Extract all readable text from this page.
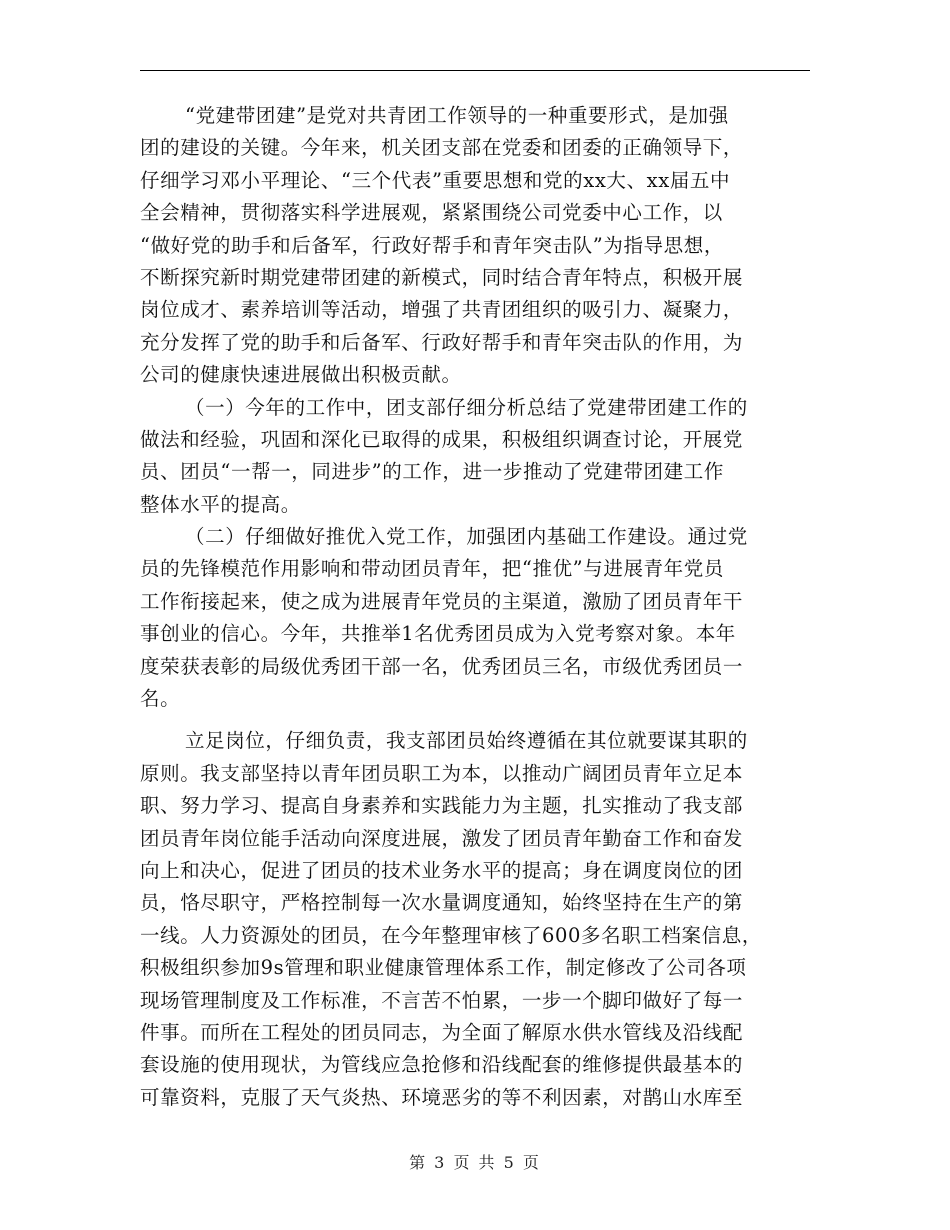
“党建带团建”是党对共青团工作领导的一种重要形式，是加强
团的建设的关键。今年来，机关团支部在党委和团委的正确领导下，
仔细学习邓小平理论、“三个代表”重要思想和党的xx大、xx届五中
全会精神，贯彻落实科学进展观，紧紧围绕公司党委中心工作，以
“做好党的助手和后备军，行政好帮手和青年突击队”为指导思想，
不断探究新时期党建带团建的新模式，同时结合青年特点，积极开展
岗位成才、素养培训等活动，增强了共青团组织的吸引力、凝聚力，
充分发挥了党的助手和后备军、行政好帮手和青年突击队的作用，为
公司的健康快速进展做出积极贡献。
（一）今年的工作中，团支部仔细分析总结了党建带团建工作的
做法和经验，巩固和深化已取得的成果，积极组织调查讨论，开展党
员、团员“一帮一，同进步”的工作，进一步推动了党建带团建工作
整体水平的提高。
（二）仔细做好推优入党工作，加强团内基础工作建设。通过党
员的先锋模范作用影响和带动团员青年，把“推优”与进展青年党员
工作衔接起来，使之成为进展青年党员的主渠道，激励了团员青年干
事创业的信心。今年，共推举1名优秀团员成为入党考察对象。本年
度荣获表彰的局级优秀团干部一名，优秀团员三名，市级优秀团员一
名。
立足岗位，仔细负责，我支部团员始终遵循在其位就要谋其职的
原则。我支部坚持以青年团员职工为本，以推动广阔团员青年立足本
职、努力学习、提高自身素养和实践能力为主题，扎实推动了我支部
团员青年岗位能手活动向深度进展，激发了团员青年勤奋工作和奋发
向上和决心，促进了团员的技术业务水平的提高；身在调度岗位的团
员，恪尽职守，严格控制每一次水量调度通知，始终坚持在生产的第
一线。人力资源处的团员，在今年整理审核了600多名职工档案信息，
积极组织参加9s管理和职业健康管理体系工作，制定修改了公司各项
现场管理制度及工作标准，不言苦不怕累，一步一个脚印做好了每一
件事。而所在工程处的团员同志，为全面了解原水供水管线及沿线配
套设施的使用现状，为管线应急抢修和沿线配套的维修提供最基本的
可靠资料，克服了天气炎热、环境恶劣的等不利因素，对鹊山水库至
第 3 页 共 5 页
